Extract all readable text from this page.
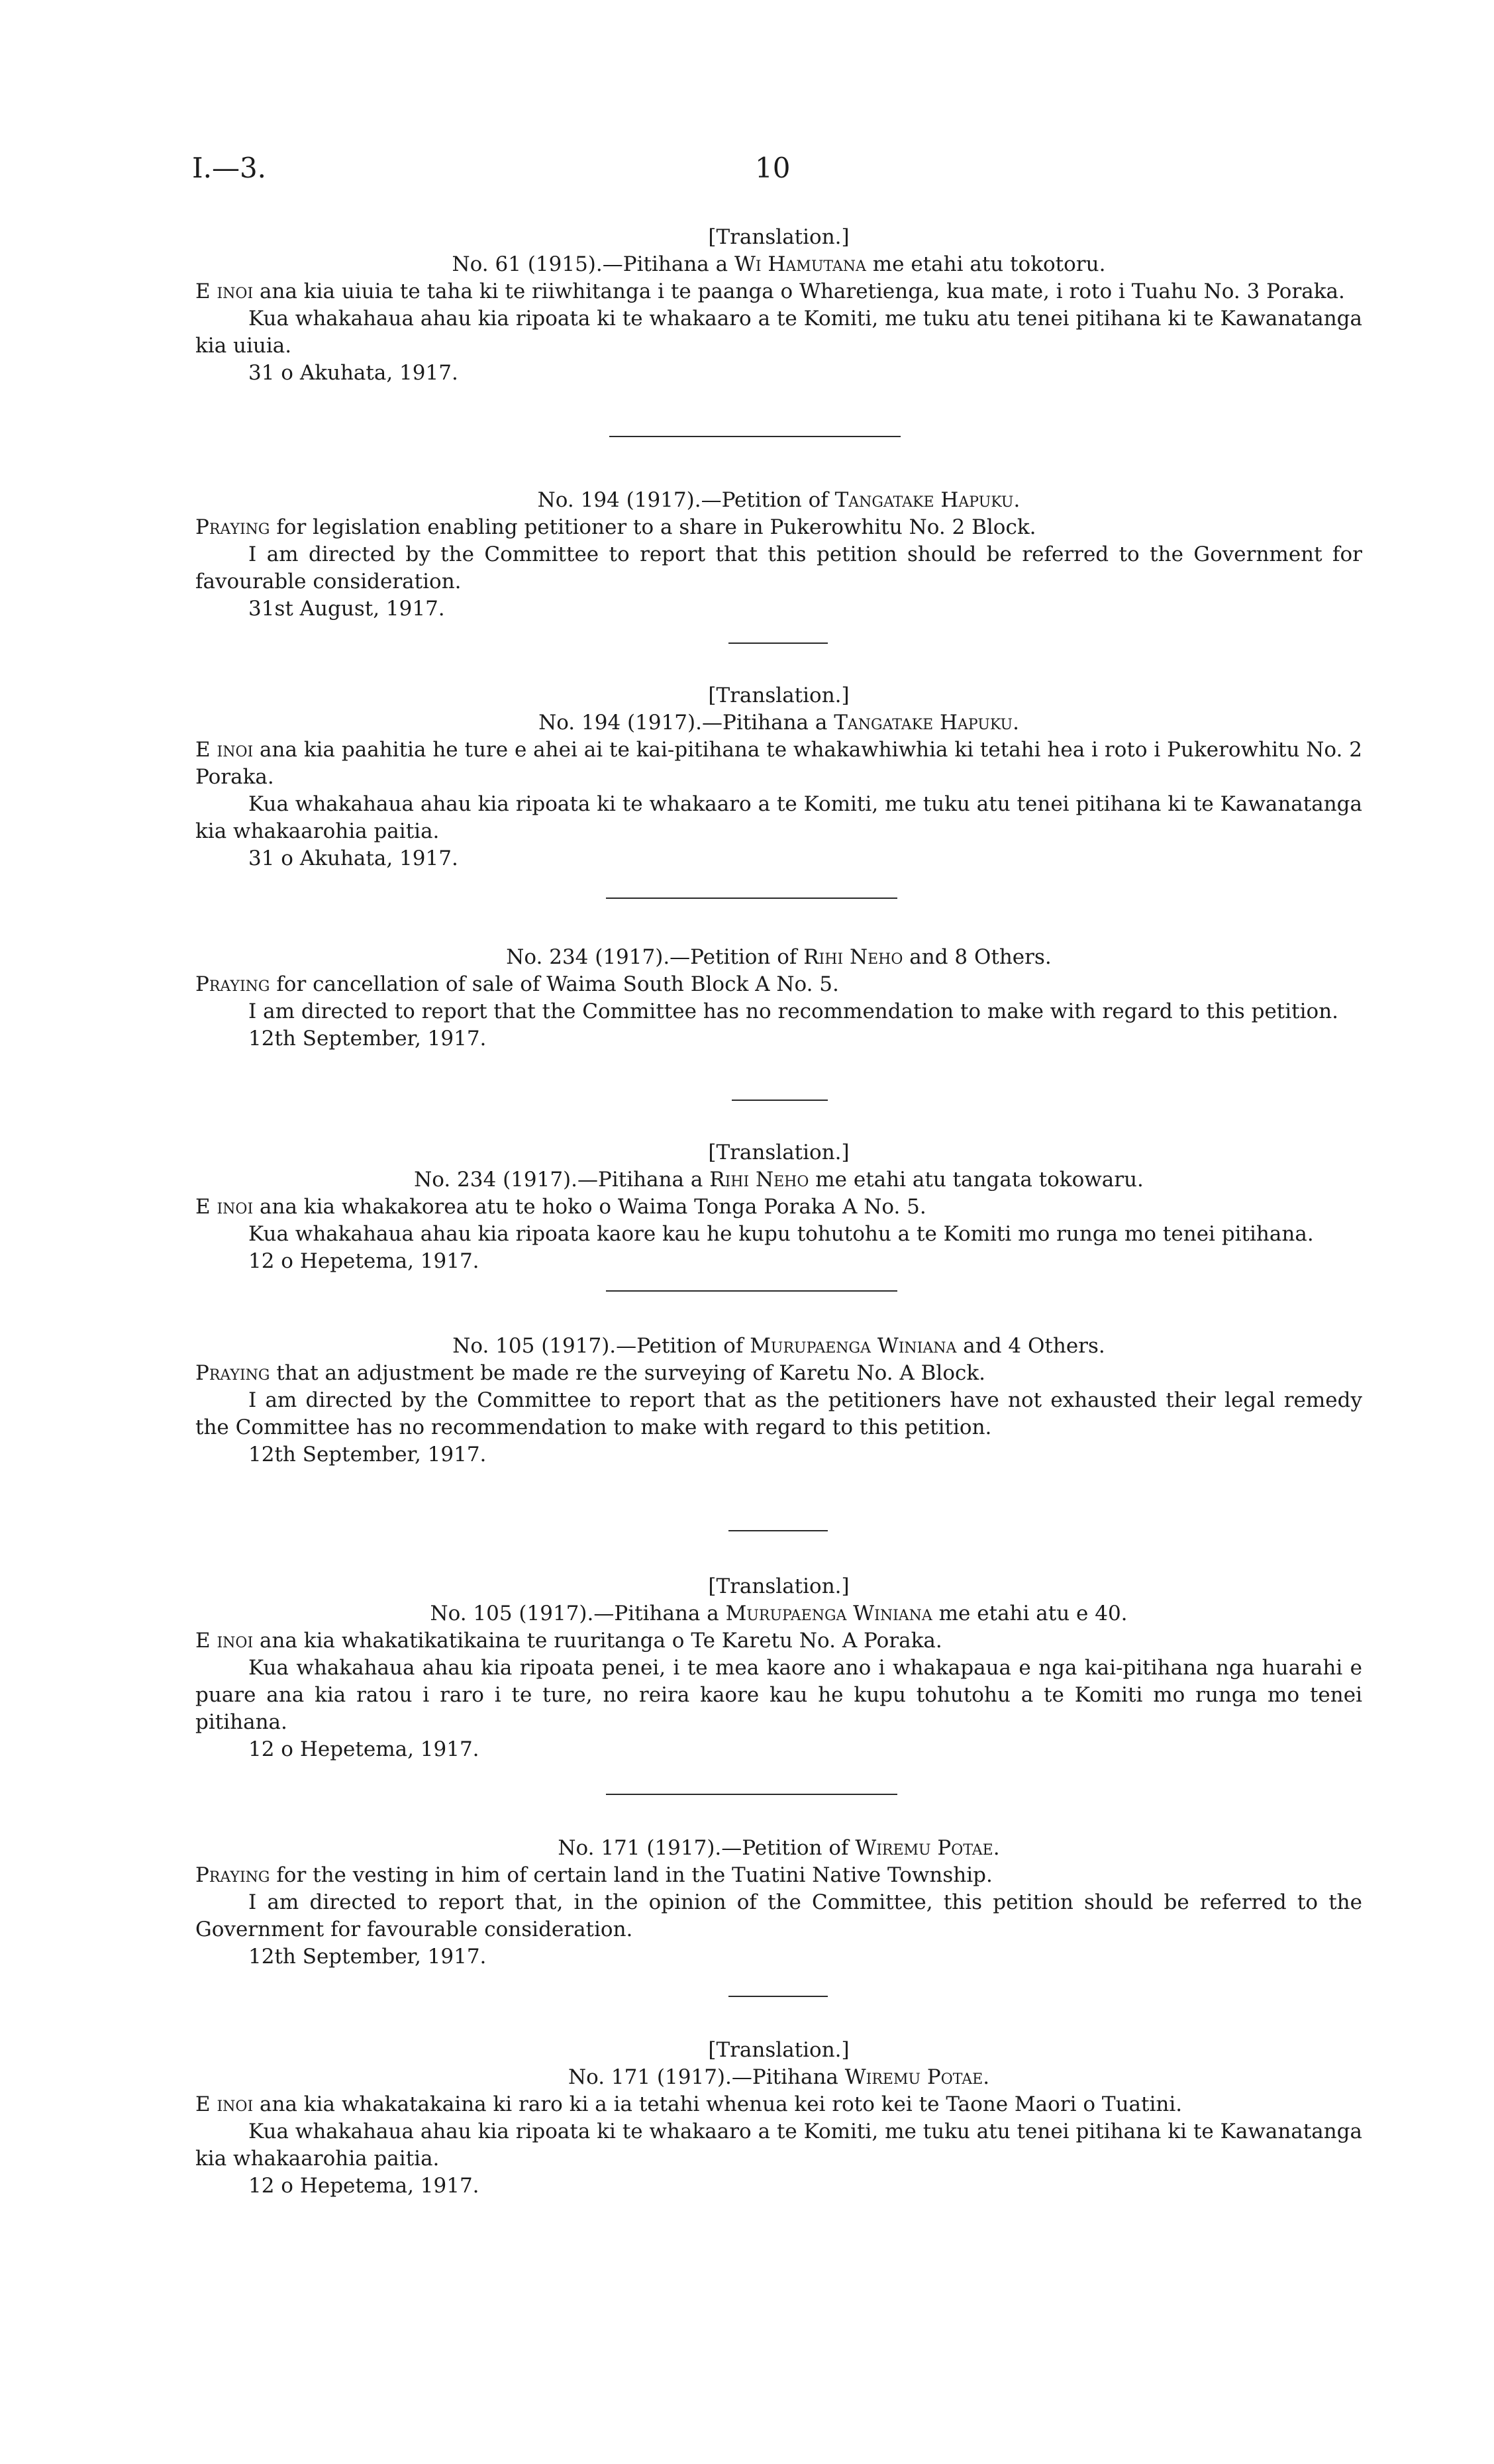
I.—3.	10
[Translation.]
No. 61 (1915).—Pitihana a Wi Hamutana me etahi atu tokotoru.
E inoi ana kia uiuia te taha ki te riiwhitanga i te paanga o Wharetienga, kua mate, i roto i Tuahu No. 3 Poraka.
Kua whakahaua ahau kia ripoata ki te whakaaro a te Komiti, me tuku atu tenei pitihana ki te Kawanatanga kia uiuia.
31 o Akuhata, 1917.
No. 194 (1917).—Petition of Tangatake Hapuku.
Praying for legislation enabling petitioner to a share in Pukerowhitu No. 2 Block.
I am directed by the Committee to report that this petition should be referred to the Government for favourable consideration.
31st August, 1917.
[Translation.]
No. 194 (1917).—Pitihana a Tangatake Hapuku.
E inoi ana kia paahitia he ture e ahei ai te kai-pitihana te whakawhiwhia ki tetahi hea i roto i Pukerowhitu No. 2 Poraka.
Kua whakahaua ahau kia ripoata ki te whakaaro a te Komiti, me tuku atu tenei pitihana ki te Kawanatanga kia whakaarohia paitia.
31 o Akuhata, 1917.
No. 234 (1917).—Petition of Rihi Neho and 8 Others.
Praying for cancellation of sale of Waima South Block A No. 5.
I am directed to report that the Committee has no recommendation to make with regard to this petition.
12th September, 1917.
[Translation.]
No. 234 (1917).—Pitihana a Rihi Neho me etahi atu tangata tokowaru.
E inoi ana kia whakakorea atu te hoko o Waima Tonga Poraka A No. 5.
Kua whakahaua ahau kia ripoata kaore kau he kupu tohutohu a te Komiti mo runga mo tenei pitihana.
12 o Hepetema, 1917.
No. 105 (1917).—Petition of Murupaenga Winiana and 4 Others.
Praying that an adjustment be made re the surveying of Karetu No. A Block.
I am directed by the Committee to report that as the petitioners have not exhausted their legal remedy the Committee has no recommendation to make with regard to this petition.
12th September, 1917.
[Translation.]
No. 105 (1917).—Pitihana a Murupaenga Winiana me etahi atu e 40.
E inoi ana kia whakatikatikaina te ruuritanga o Te Karetu No. A Poraka.
Kua whakahaua ahau kia ripoata penei, i te mea kaore ano i whakapaua e nga kai-pitihana nga huarahi e puare ana kia ratou i raro i te ture, no reira kaore kau he kupu tohutohu a te Komiti mo runga mo tenei pitihana.
12 o Hepetema, 1917.
No. 171 (1917).—Petition of Wiremu Potae.
Praying for the vesting in him of certain land in the Tuatini Native Township.
I am directed to report that, in the opinion of the Committee, this petition should be referred to the Government for favourable consideration.
12th September, 1917.
[Translation.]
No. 171 (1917).—Pitihana Wiremu Potae.
E inoi ana kia whakatakaina ki raro ki a ia tetahi whenua kei roto kei te Taone Maori o Tuatini.
Kua whakahaua ahau kia ripoata ki te whakaaro a te Komiti, me tuku atu tenei pitihana ki te Kawanatanga kia whakaarohia paitia.
12 o Hepetema, 1917.
